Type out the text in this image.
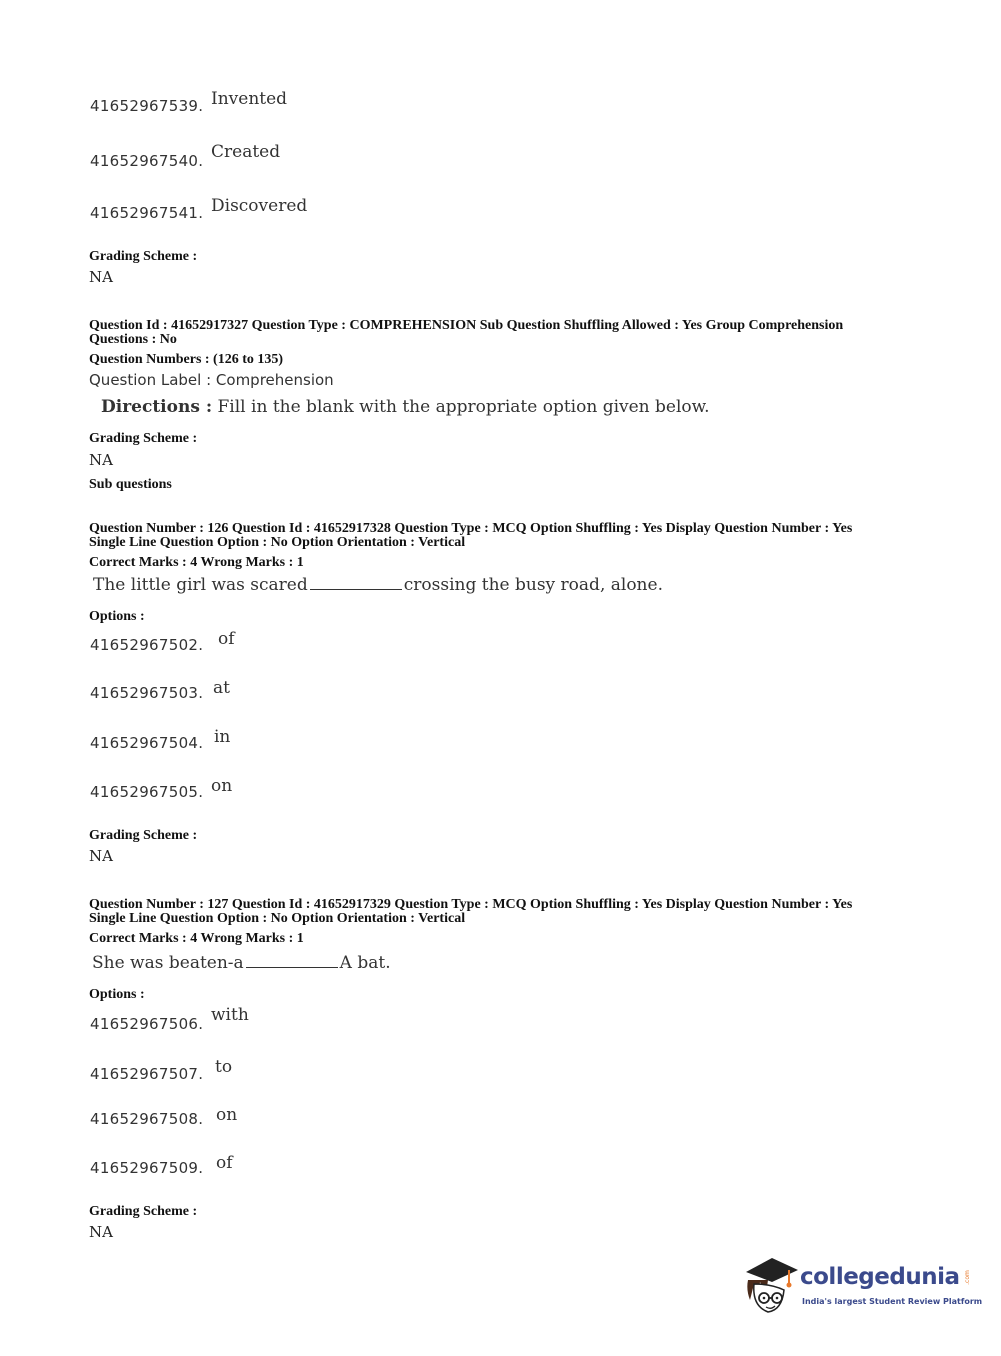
41652967539. Invented
41652967540. Created
41652967541. Discovered
Grading Scheme :
NA
Question Id : 41652917327 Question Type : COMPREHENSION Sub Question Shuffling Allowed : Yes Group Comprehension
Questions : No
Question Numbers : (126 to 135)
Question Label : Comprehension
Directions : Fill in the blank with the appropriate option given below.
Grading Scheme :
NA
Sub questions
Question Number : 126 Question Id : 41652917328 Question Type : MCQ Option Shuffling : Yes Display Question Number : Yes
Single Line Question Option : No Option Orientation : Vertical
Correct Marks : 4 Wrong Marks : 1
The little girl was scared	crossing the busy road, alone.
Options :
41652967502. of
41652967503. at
41652967504. in
41652967505. on
Grading Scheme :
NA
Question Number : 127 Question Id : 41652917329 Question Type : MCQ Option Shuffling : Yes Display Question Number : Yes
Single Line Question Option : No Option Orientation : Vertical
Correct Marks : 4 Wrong Marks : 1
She was beaten-a	A bat.
Options :
41652967506. with
41652967507. to
41652967508. on
41652967509. of
Grading Scheme :
NA
collegedunia .com
India's largest Student Review Platform
